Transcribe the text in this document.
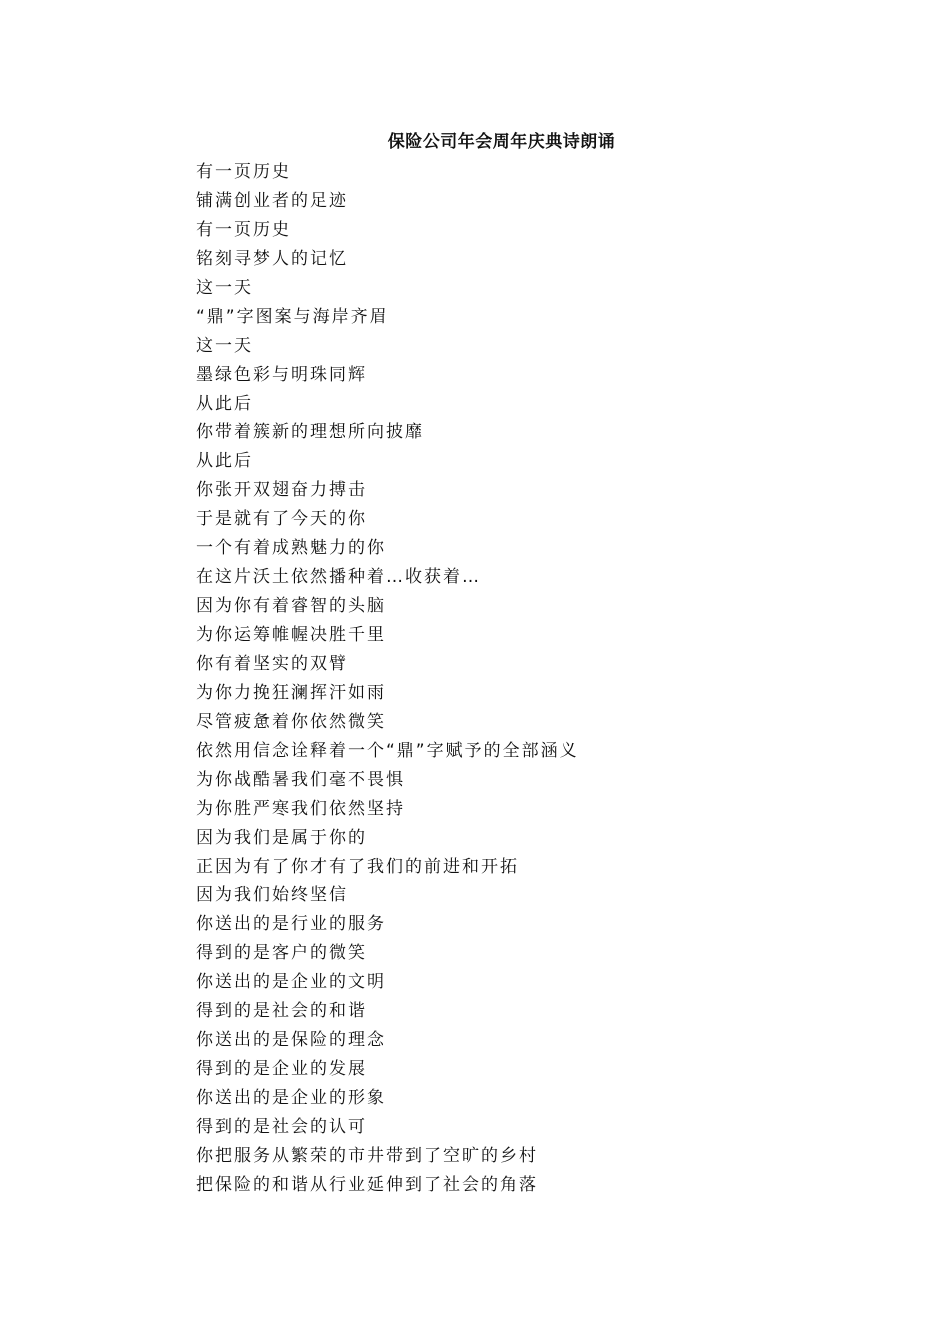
保险公司年会周年庆典诗朗诵
有一页历史
铺满创业者的足迹
有一页历史
铭刻寻梦人的记忆
这一天
“鼎”字图案与海岸齐眉
这一天
墨绿色彩与明珠同辉
从此后
你带着簇新的理想所向披靡
从此后
你张开双翅奋力搏击
于是就有了今天的你
一个有着成熟魅力的你
在这片沃土依然播种着…收获着…
因为你有着睿智的头脑
为你运筹帷幄决胜千里
你有着坚实的双臂
为你力挽狂澜挥汗如雨
尽管疲惫着你依然微笑
依然用信念诠释着一个“鼎”字赋予的全部涵义
为你战酷暑我们毫不畏惧
为你胜严寒我们依然坚持
因为我们是属于你的
正因为有了你才有了我们的前进和开拓
因为我们始终坚信
你送出的是行业的服务
得到的是客户的微笑
你送出的是企业的文明
得到的是社会的和谐
你送出的是保险的理念
得到的是企业的发展
你送出的是企业的形象
得到的是社会的认可
你把服务从繁荣的市井带到了空旷的乡村
把保险的和谐从行业延伸到了社会的角落
